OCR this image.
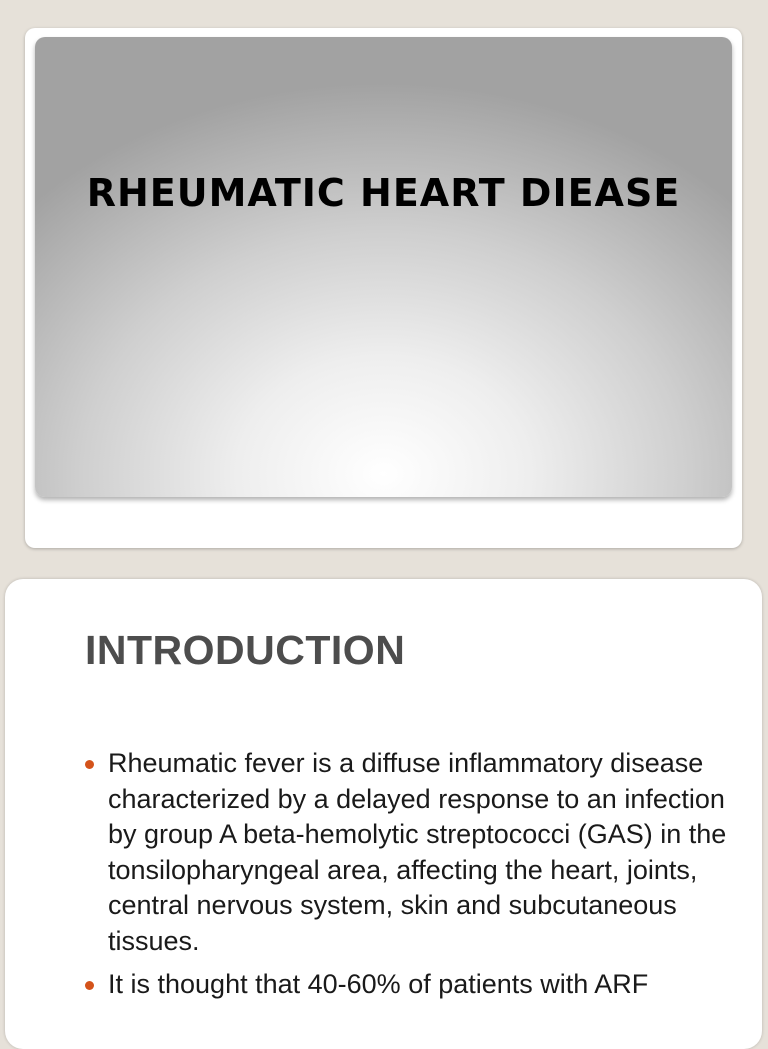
RHEUMATIC HEART DIEASE
INTRODUCTION
Rheumatic fever is a diffuse inflammatory disease characterized by a delayed response to an infection by group A beta-hemolytic streptococci (GAS) in the tonsilopharyngeal area, affecting the heart, joints, central nervous system, skin and subcutaneous tissues.
It is thought that 40-60% of patients with ARF
